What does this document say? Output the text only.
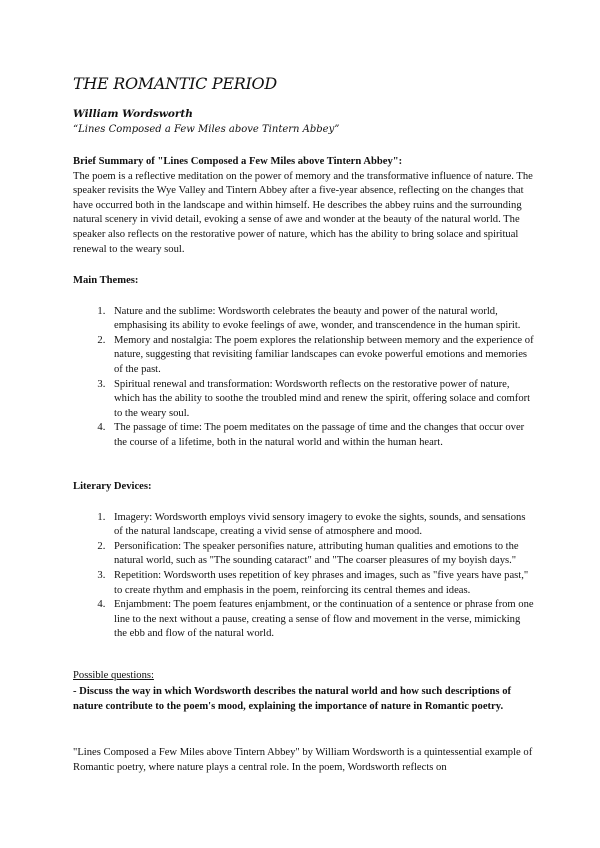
THE ROMANTIC PERIOD
William Wordsworth
“Lines Composed a Few Miles above Tintern Abbey”
Brief Summary of "Lines Composed a Few Miles above Tintern Abbey":
The poem is a reflective meditation on the power of memory and the transformative influence of nature. The speaker revisits the Wye Valley and Tintern Abbey after a five-year absence, reflecting on the changes that have occurred both in the landscape and within himself. He describes the abbey ruins and the surrounding natural scenery in vivid detail, evoking a sense of awe and wonder at the beauty of the natural world. The speaker also reflects on the restorative power of nature, which has the ability to bring solace and spiritual renewal to the weary soul.
Main Themes:
1. Nature and the sublime: Wordsworth celebrates the beauty and power of the natural world, emphasising its ability to evoke feelings of awe, wonder, and transcendence in the human spirit.
2. Memory and nostalgia: The poem explores the relationship between memory and the experience of nature, suggesting that revisiting familiar landscapes can evoke powerful emotions and memories of the past.
3. Spiritual renewal and transformation: Wordsworth reflects on the restorative power of nature, which has the ability to soothe the troubled mind and renew the spirit, offering solace and comfort to the weary soul.
4. The passage of time: The poem meditates on the passage of time and the changes that occur over the course of a lifetime, both in the natural world and within the human heart.
Literary Devices:
1. Imagery: Wordsworth employs vivid sensory imagery to evoke the sights, sounds, and sensations of the natural landscape, creating a vivid sense of atmosphere and mood.
2. Personification: The speaker personifies nature, attributing human qualities and emotions to the natural world, such as "The sounding cataract" and "The coarser pleasures of my boyish days."
3. Repetition: Wordsworth uses repetition of key phrases and images, such as "five years have past," to create rhythm and emphasis in the poem, reinforcing its central themes and ideas.
4. Enjambment: The poem features enjambment, or the continuation of a sentence or phrase from one line to the next without a pause, creating a sense of flow and movement in the verse, mimicking the ebb and flow of the natural world.
Possible questions:
- Discuss the way in which Wordsworth describes the natural world and how such descriptions of nature contribute to the poem's mood, explaining the importance of nature in Romantic poetry.
"Lines Composed a Few Miles above Tintern Abbey" by William Wordsworth is a quintessential example of Romantic poetry, where nature plays a central role. In the poem, Wordsworth reflects on
